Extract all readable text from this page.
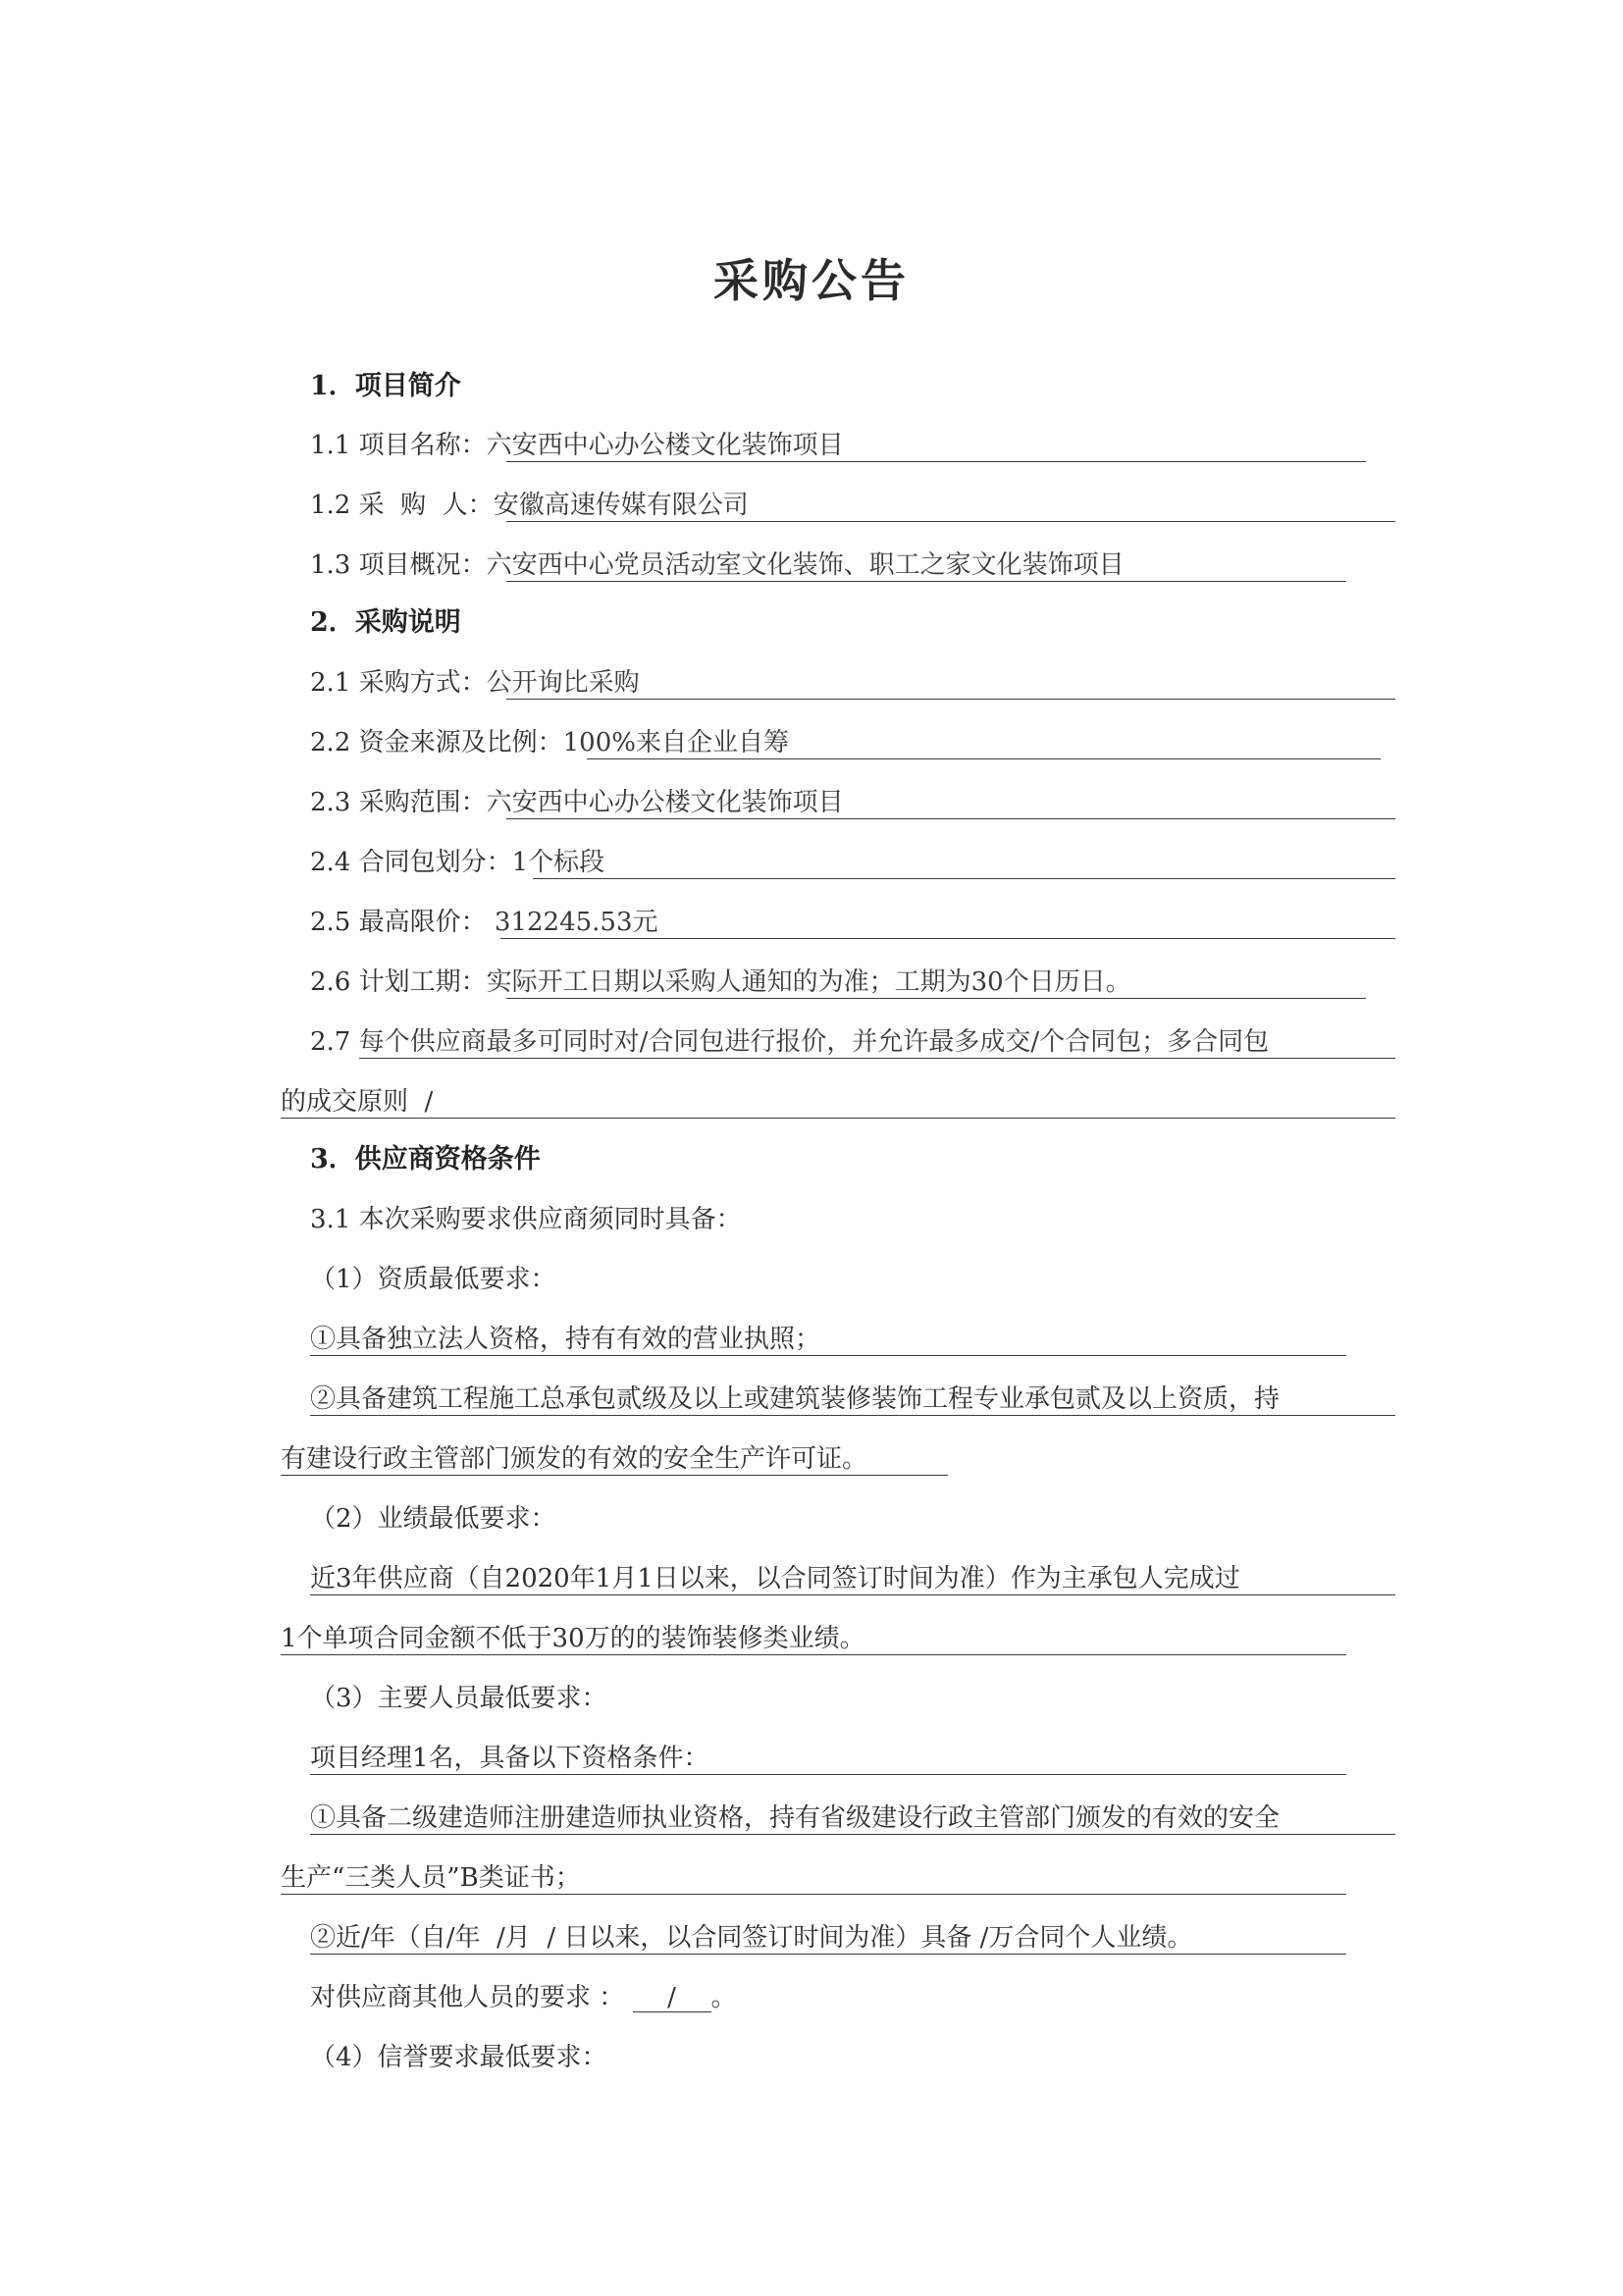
采购公告
1．项目简介
1.1 项目名称：六安西中心办公楼文化装饰项目
1.2 采  购  人：安徽高速传媒有限公司
1.3 项目概况：六安西中心党员活动室文化装饰、职工之家文化装饰项目
2．采购说明
2.1 采购方式：公开询比采购
2.2 资金来源及比例：100%来自企业自筹
2.3 采购范围：六安西中心办公楼文化装饰项目
2.4 合同包划分：1个标段
2.5 最高限价： 312245.53元
2.6 计划工期：实际开工日期以采购人通知的为准；工期为30个日历日。
2.7 每个供应商最多可同时对/合同包进行报价，并允许最多成交/个合同包；多合同包
的成交原则  /
3．供应商资格条件
3.1 本次采购要求供应商须同时具备：
（1）资质最低要求：
①具备独立法人资格，持有有效的营业执照；
②具备建筑工程施工总承包贰级及以上或建筑装修装饰工程专业承包贰及以上资质，持
有建设行政主管部门颁发的有效的安全生产许可证。
（2）业绩最低要求：
近3年供应商（自2020年1月1日以来，以合同签订时间为准）作为主承包人完成过
1个单项合同金额不低于30万的的装饰装修类业绩。
（3）主要人员最低要求：
项目经理1名，具备以下资格条件：
①具备二级建造师注册建造师执业资格，持有省级建设行政主管部门颁发的有效的安全
生产“三类人员”B类证书；
②近/年（自/年  /月  / 日以来，以合同签订时间为准）具备 /万合同个人业绩。
对供应商其他人员的要求 ： / 。
（4）信誉要求最低要求：
